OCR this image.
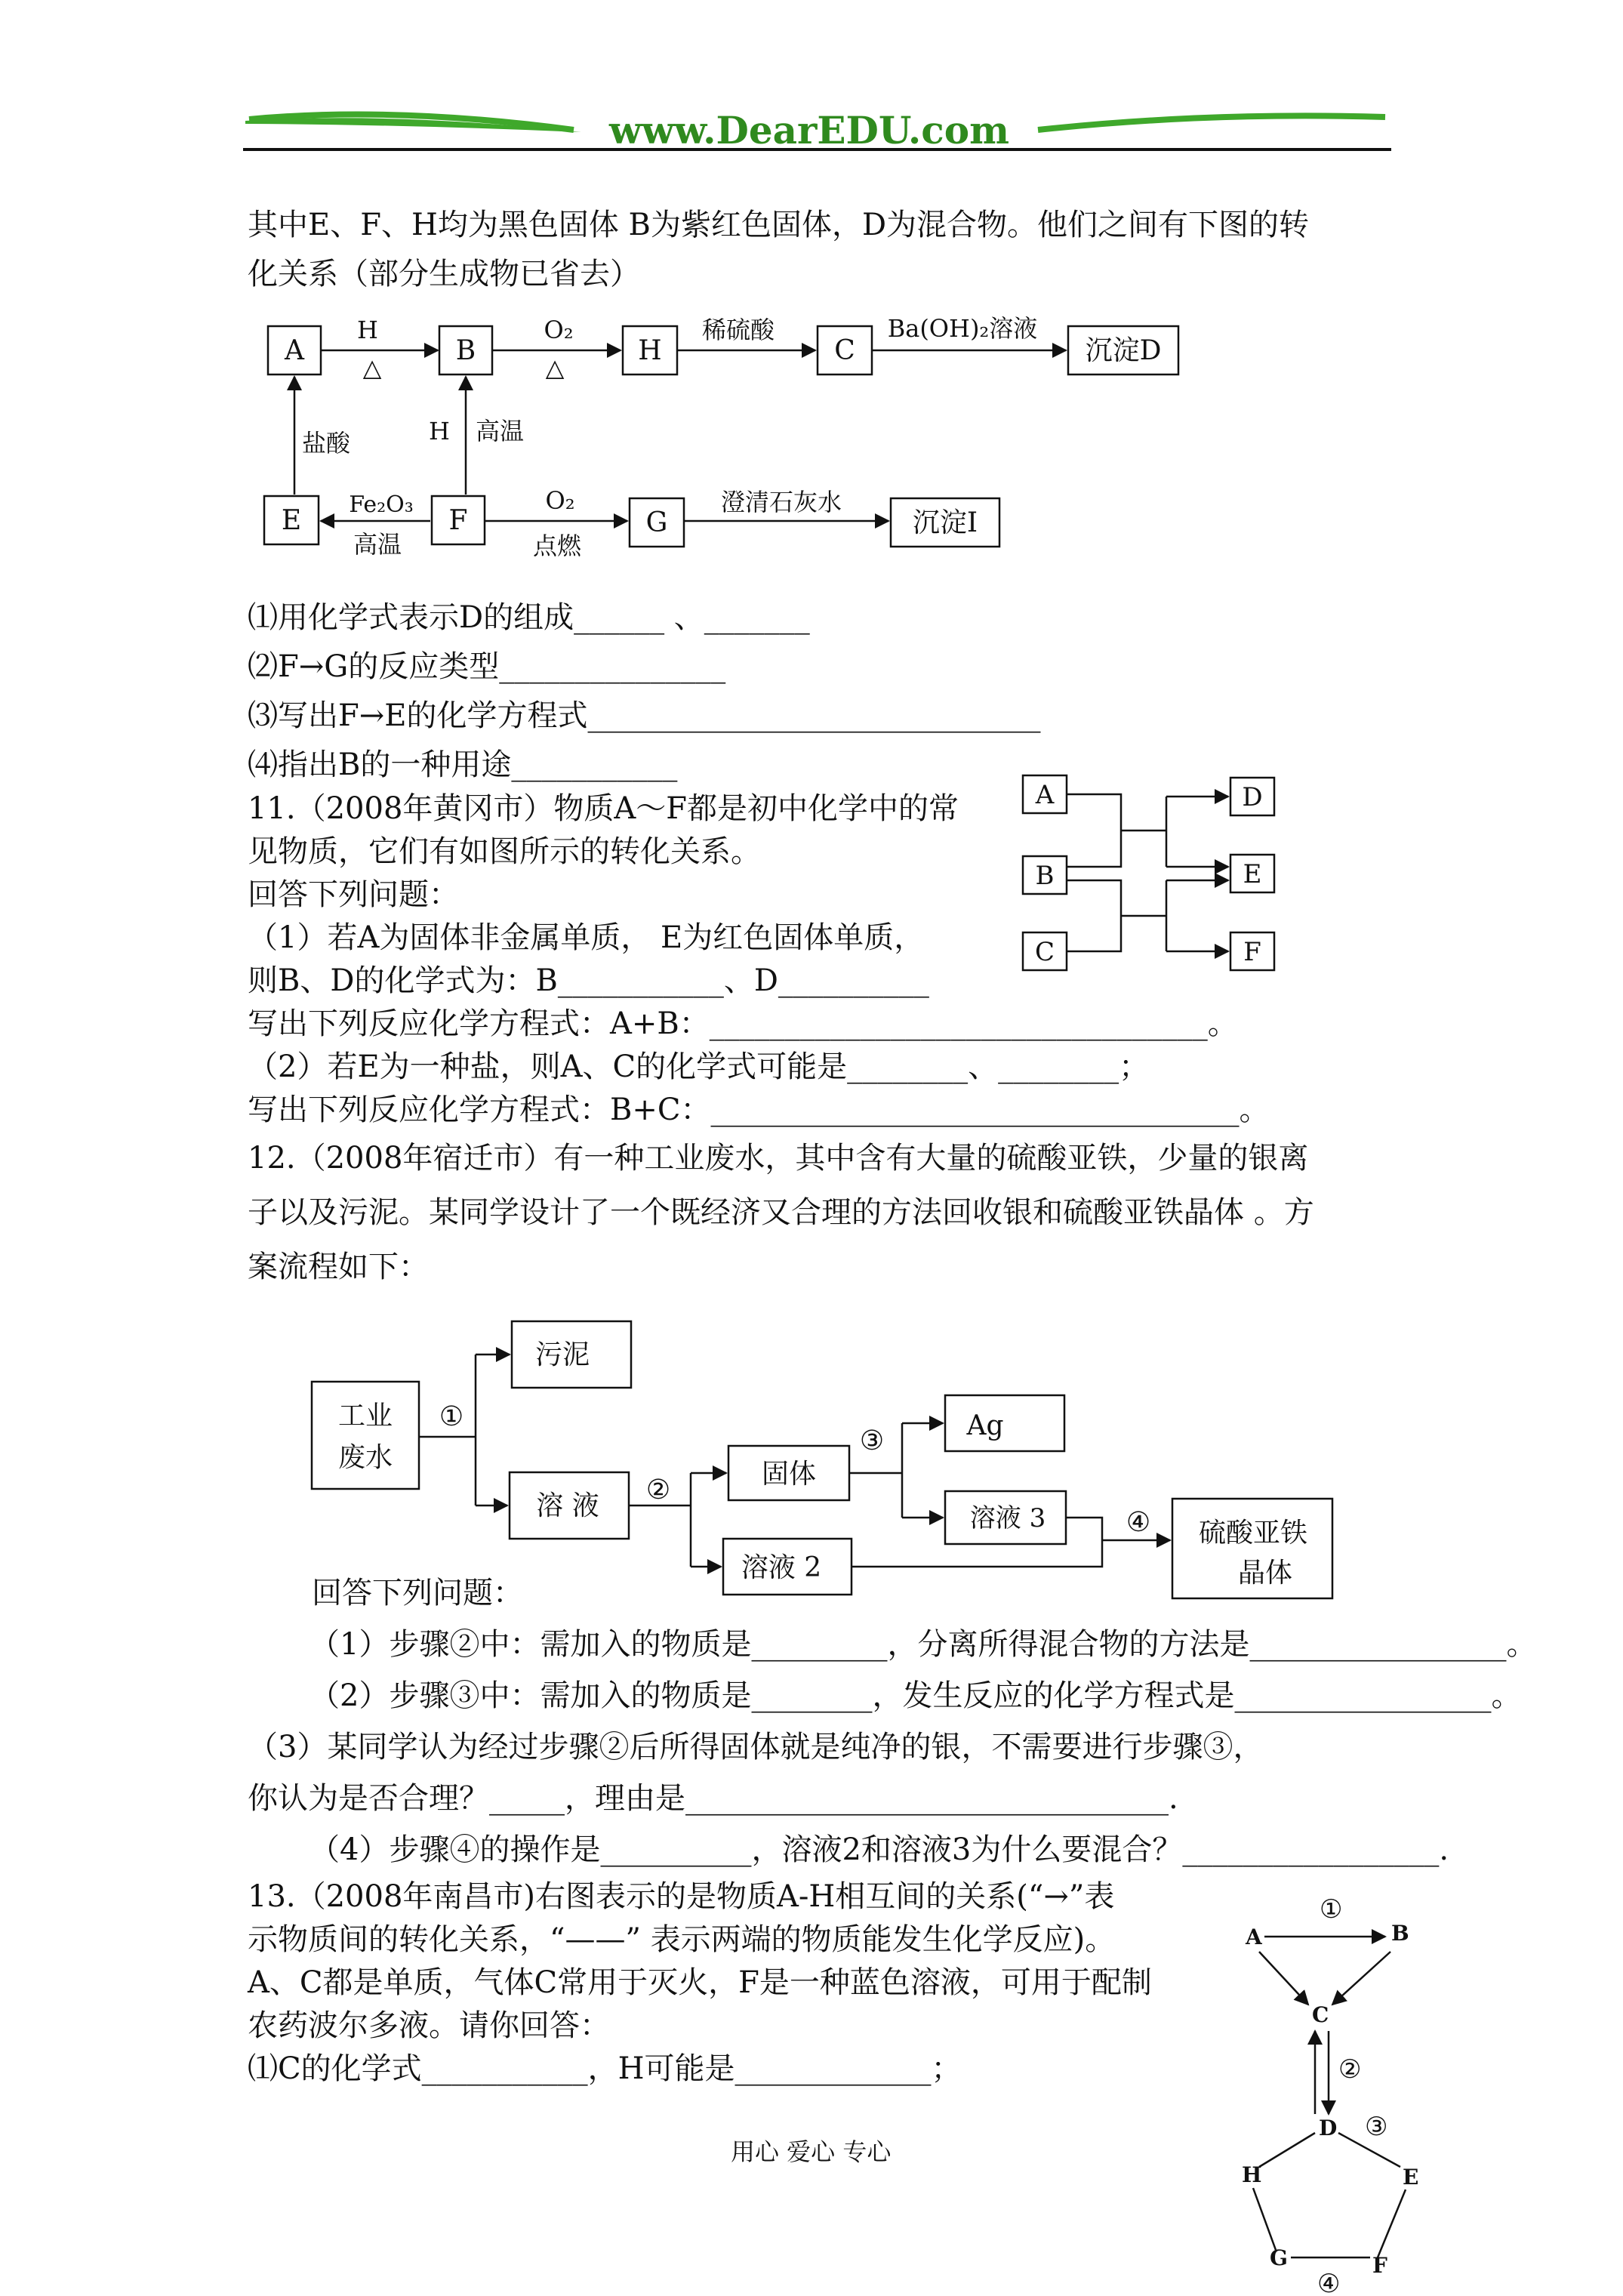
www.DearEDU.com
其中E、F、H均为黑色固体 B为紫红色固体，D为混合物。他们之间有下图的转
化关系（部分生成物已省去）
A	B	H	C	沉淀D
H
△
O₂
△
稀硫酸	Ba(OH)₂溶液
E	F	G	沉淀I
盐酸	H 高温
Fe₂O₃
高温
O₂
点燃
澄清石灰水
⑴用化学式表示D的组成______ 、_______
⑵F→G的反应类型_______________
⑶写出F→E的化学方程式______________________________
⑷指出B的一种用途___________
11.（2008年黄冈市）物质A～F都是初中化学中的常
见物质，它们有如图所示的转化关系。
回答下列问题：
（1）若A为固体非金属单质， E为红色固体单质，
则B、D的化学式为：B___________、D__________
写出下列反应化学方程式：A+B：_________________________________。
（2）若E为一种盐，则A、C的化学式可能是________、________；
写出下列反应化学方程式：B+C：___________________________________。
A
B
C
D
E
F
12.（2008年宿迁市）有一种工业废水，其中含有大量的硫酸亚铁，少量的银离
子以及污泥。某同学设计了一个既经济又合理的方法回收银和硫酸亚铁晶体 。方
案流程如下：
工业
废水
污泥
溶 液
固体
溶液 2
Ag
溶液 3	硫酸亚铁
晶体
①
②
③
④
回答下列问题：
（1）步骤②中：需加入的物质是_________，分离所得混合物的方法是_________________。
（2）步骤③中：需加入的物质是________，发生反应的化学方程式是_________________。
（3）某同学认为经过步骤②后所得固体就是纯净的银，不需要进行步骤③，
你认为是否合理？_____，理由是________________________________.
（4）步骤④的操作是__________，溶液2和溶液3为什么要混合？_________________.
13.（2008年南昌市)右图表示的是物质A-H相互间的关系(“→”表
示物质间的转化关系，“——” 表示两端的物质能发生化学反应)。
A、C都是单质，气体C常用于灭火，F是一种蓝色溶液，可用于配制
农药波尔多液。请你回答：
⑴C的化学式___________，H可能是_____________；
A	B
C
D
E
F
G
H
①
②
③
④
用心 爱心 专心
